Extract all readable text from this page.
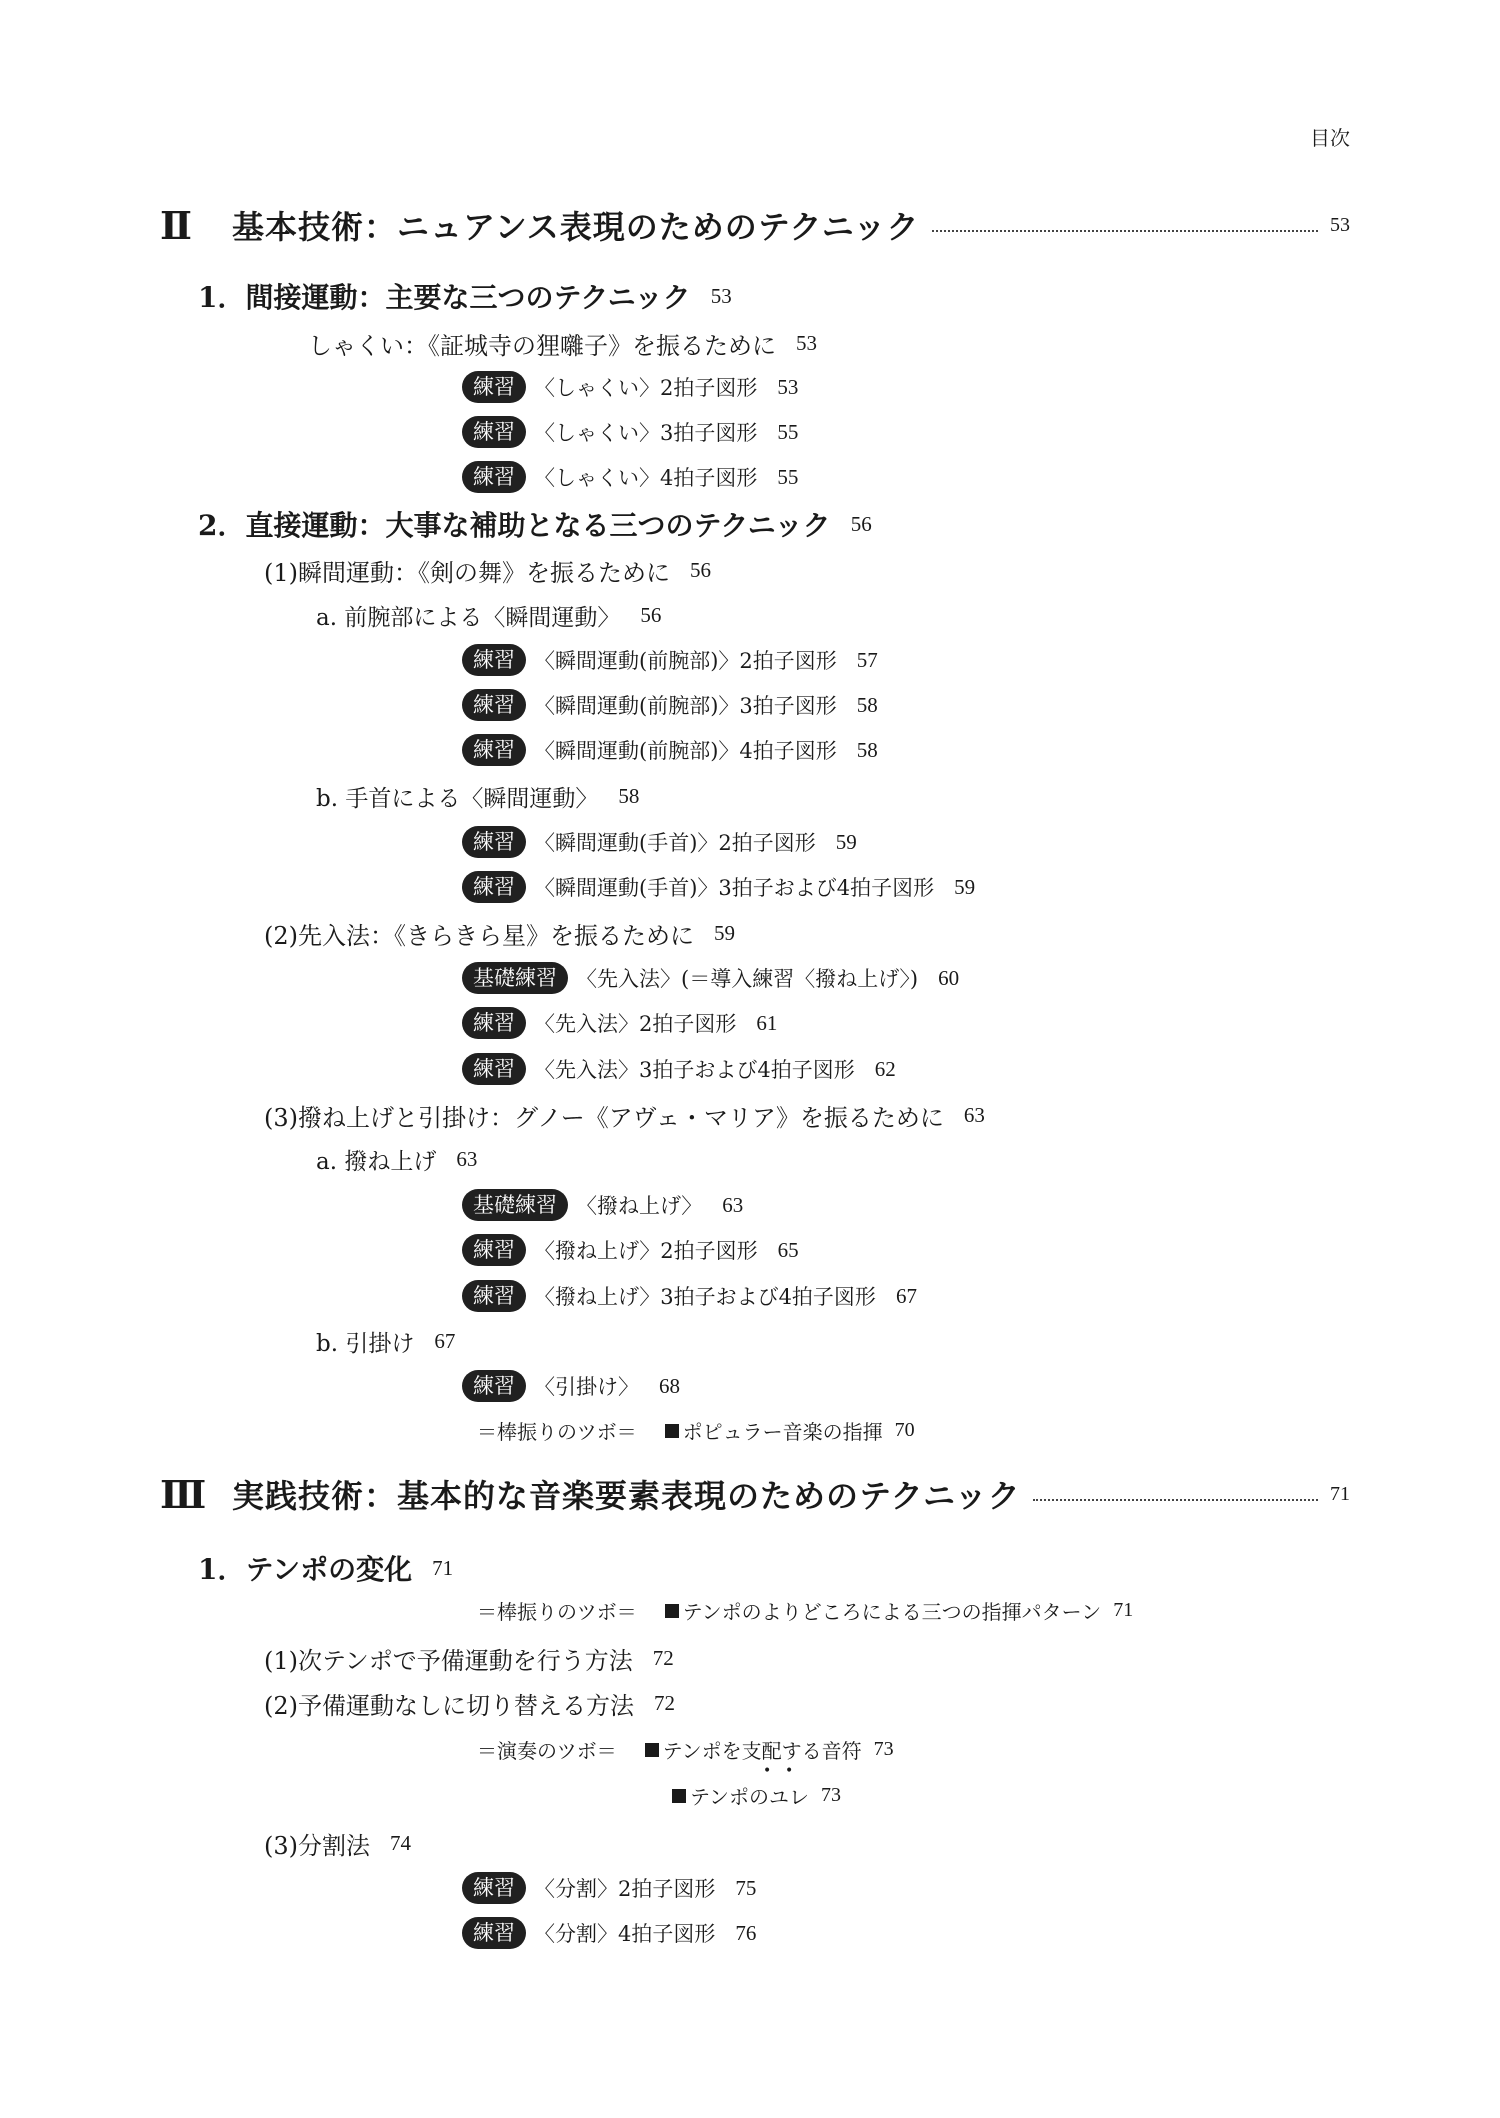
目次
Ⅱ	基本技術：ニュアンス表現のためのテクニック	53
1．間接運動：主要な三つのテクニック 53
しゃくい：《証城寺の狸囃子》を振るために 53
練習 〈しゃくい〉2拍子図形 53
練習 〈しゃくい〉3拍子図形 55
練習 〈しゃくい〉4拍子図形 55
2．直接運動：大事な補助となる三つのテクニック 56
(1)瞬間運動：《剣の舞》を振るために 56
a. 前腕部による〈瞬間運動〉 56
練習 〈瞬間運動(前腕部)〉2拍子図形 57
練習 〈瞬間運動(前腕部)〉3拍子図形 58
練習 〈瞬間運動(前腕部)〉4拍子図形 58
b. 手首による〈瞬間運動〉 58
練習 〈瞬間運動(手首)〉2拍子図形 59
練習 〈瞬間運動(手首)〉3拍子および4拍子図形 59
(2)先入法：《きらきら星》を振るために 59
基礎練習 〈先入法〉(＝導入練習〈撥ね上げ〉) 60
練習 〈先入法〉2拍子図形 61
練習 〈先入法〉3拍子および4拍子図形 62
(3)撥ね上げと引掛け：グノー《アヴェ・マリア》を振るために 63
a. 撥ね上げ 63
基礎練習 〈撥ね上げ〉 63
練習 〈撥ね上げ〉2拍子図形 65
練習 〈撥ね上げ〉3拍子および4拍子図形 67
b. 引掛け 67
練習 〈引掛け〉 68
＝棒振りのツボ＝ ポピュラー音楽の指揮 70
Ⅲ 実践技術：基本的な音楽要素表現のためのテクニック	71
1．テンポの変化 71
＝棒振りのツボ＝ テンポのよりどころによる三つの指揮パターン 71
(1)次テンポで予備運動を行う方法 72
(2)予備運動なしに切り替える方法 72
＝演奏のツボ＝ テンポを支配する音符 73
テンポのユレ 73
• •
(3)分割法 74
練習 〈分割〉2拍子図形 75
練習 〈分割〉4拍子図形 76
